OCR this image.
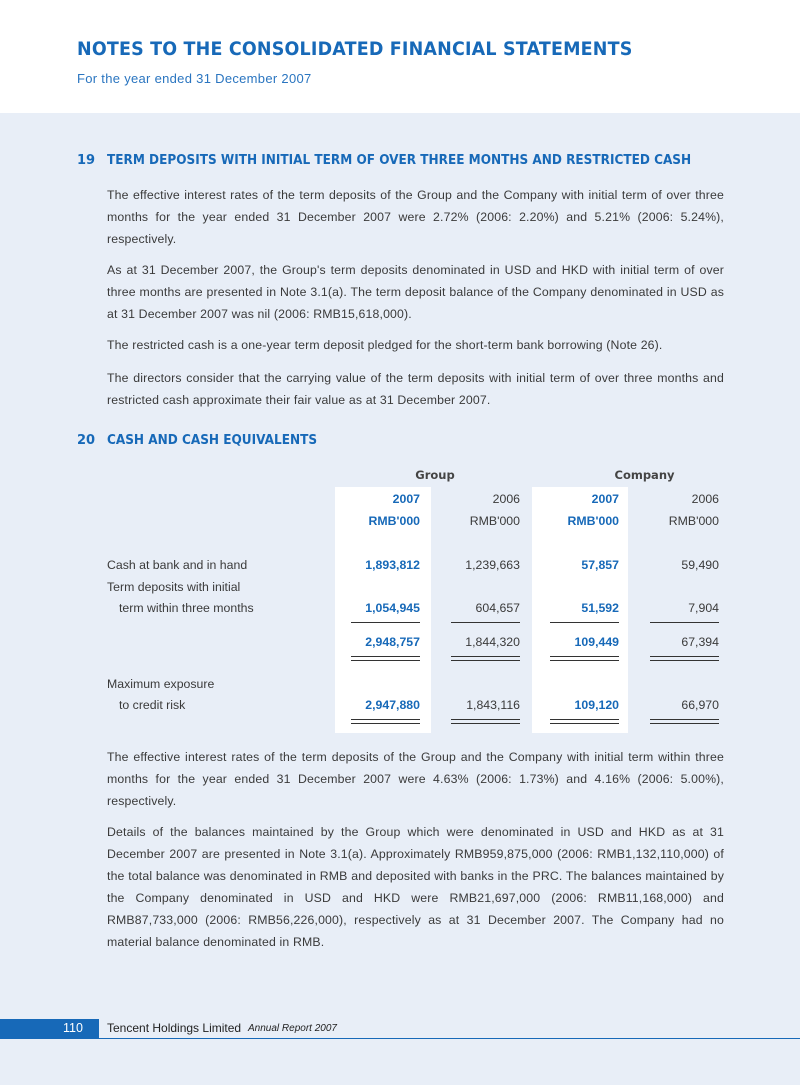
NOTES TO THE CONSOLIDATED FINANCIAL STATEMENTS
For the year ended 31 December 2007
19 TERM DEPOSITS WITH INITIAL TERM OF OVER THREE MONTHS AND RESTRICTED CASH

The effective interest rates of the term deposits of the Group and the Company with initial term of over three months for the year ended 31 December 2007 were 2.72% (2006: 2.20%) and 5.21% (2006: 5.24%), respectively.

As at 31 December 2007, the Group's term deposits denominated in USD and HKD with initial term of over three months are presented in Note 3.1(a). The term deposit balance of the Company denominated in USD as at 31 December 2007 was nil (2006: RMB15,618,000).

The restricted cash is a one-year term deposit pledged for the short-term bank borrowing (Note 26).

The directors consider that the carrying value of the term deposits with initial term of over three months and restricted cash approximate their fair value as at 31 December 2007.

20 CASH AND CASH EQUIVALENTS
Group	Company
2007	2006	2007	2006
RMB'000	RMB'000	RMB'000	RMB'000
Cash at bank and in hand	1,893,812	1,239,663	57,857	59,490
Term deposits with initial
term within three months	1,054,945	604,657	51,592	7,904
2,948,757	1,844,320	109,449	67,394
Maximum exposure
to credit risk	2,947,880	1,843,116	109,120	66,970

The effective interest rates of the term deposits of the Group and the Company with initial term within three months for the year ended 31 December 2007 were 4.63% (2006: 1.73%) and 4.16% (2006: 5.00%), respectively.

Details of the balances maintained by the Group which were denominated in USD and HKD as at 31 December 2007 are presented in Note 3.1(a). Approximately RMB959,875,000 (2006: RMB1,132,110,000) of the total balance was denominated in RMB and deposited with banks in the PRC. The balances maintained by the Company denominated in USD and HKD were RMB21,697,000 (2006: RMB11,168,000) and RMB87,733,000 (2006: RMB56,226,000), respectively as at 31 December 2007. The Company had no material balance denominated in RMB.

110 Tencent Holdings Limited Annual Report 2007
